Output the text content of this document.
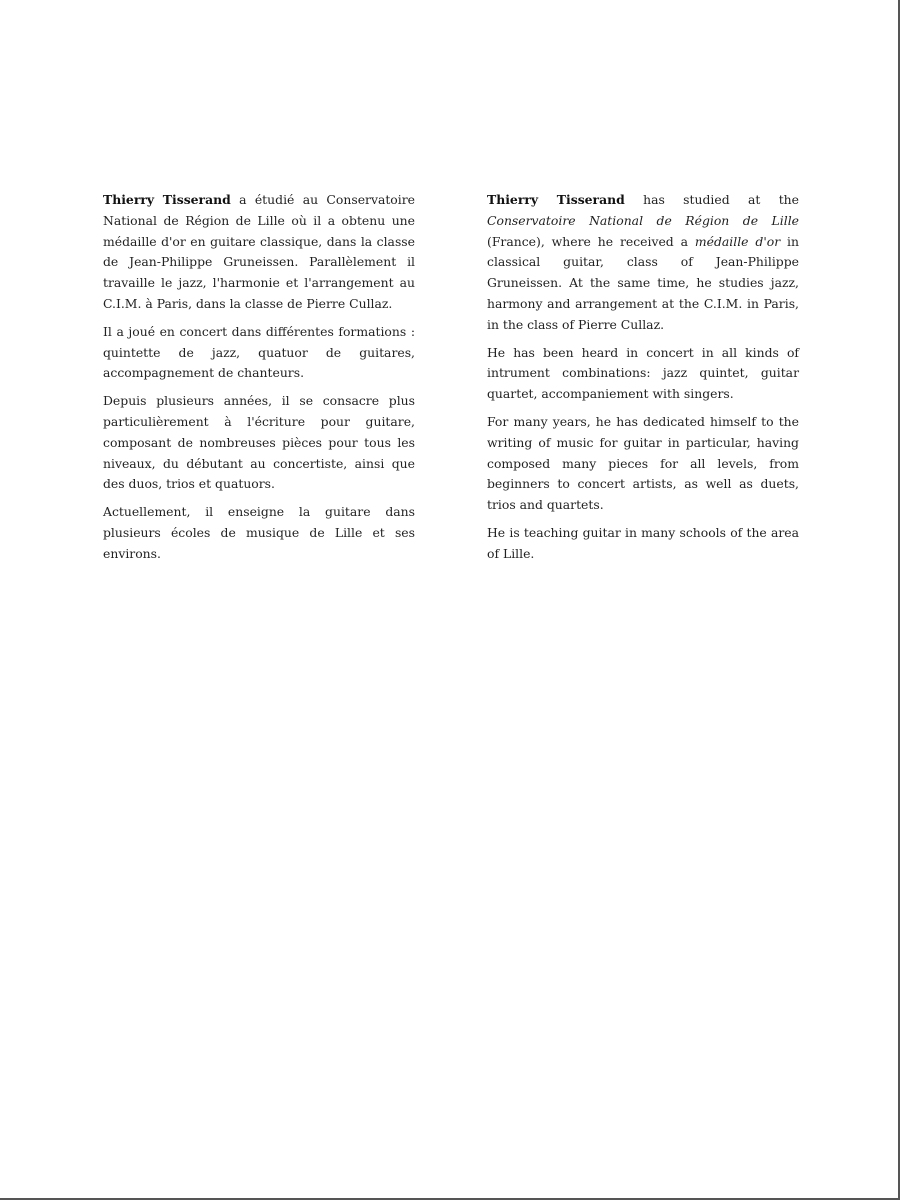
Thierry Tisserand a étudié au Conservatoire National de Région de Lille où il a obtenu une médaille d'or en guitare classique, dans la classe de Jean-Philippe Gruneissen. Parallèlement il travaille le jazz, l'harmonie et l'arrangement au C.I.M. à Paris, dans la classe de Pierre Cullaz.

Il a joué en concert dans différentes formations : quintette de jazz, quatuor de guitares, accompagnement de chanteurs.

Depuis plusieurs années, il se consacre plus particulièrement à l'écriture pour guitare, composant de nombreuses pièces pour tous les niveaux, du débutant au concertiste, ainsi que des duos, trios et quatuors.

Actuellement, il enseigne la guitare dans plusieurs écoles de musique de Lille et ses environs.

Thierry Tisserand has studied at the Conservatoire National de Région de Lille (France), where he received a médaille d'or in classical guitar, class of Jean-Philippe Gruneissen. At the same time, he studies jazz, harmony and arrangement at the C.I.M. in Paris, in the class of Pierre Cullaz.

He has been heard in concert in all kinds of intrument combinations: jazz quintet, guitar quartet, accompaniement with singers.

For many years, he has dedicated himself to the writing of music for guitar in particular, having composed many pieces for all levels, from beginners to concert artists, as well as duets, trios and quartets.

He is teaching guitar in many schools of the area of Lille.
